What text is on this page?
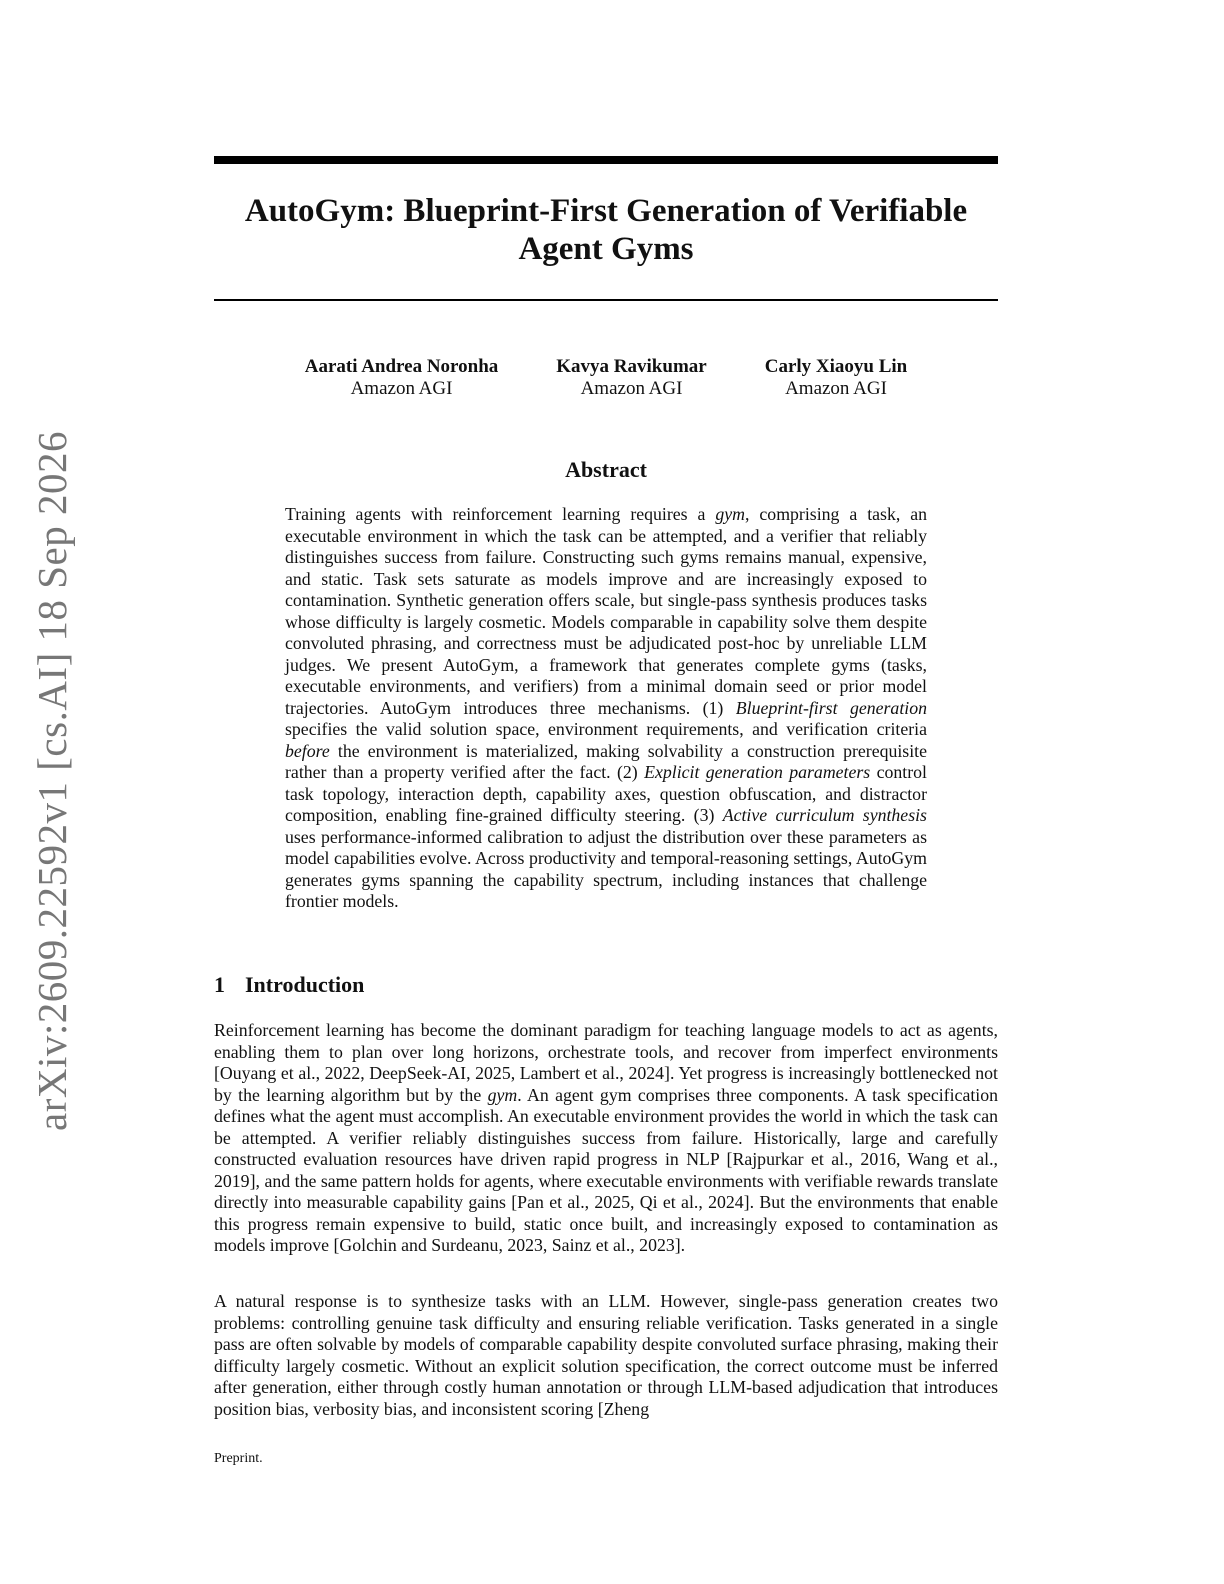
arXiv:2609.22592v1 [cs.AI] 18 Sep 2026
AutoGym: Blueprint-First Generation of Verifiable
Agent Gyms
Aarati Andrea Noronha
Amazon AGI
Kavya Ravikumar
Amazon AGI
Carly Xiaoyu Lin
Amazon AGI
Abstract

Training agents with reinforcement learning requires a gym, comprising a task, an executable environment in which the task can be attempted, and a verifier that reliably distinguishes success from failure. Constructing such gyms remains manual, expensive, and static. Task sets saturate as models improve and are increasingly exposed to contamination. Synthetic generation offers scale, but single-pass synthesis produces tasks whose difficulty is largely cosmetic. Models comparable in capability solve them despite convoluted phrasing, and correctness must be adjudicated post-hoc by unreliable LLM judges. We present AutoGym, a framework that generates complete gyms (tasks, executable environments, and verifiers) from a minimal domain seed or prior model trajectories. AutoGym introduces three mechanisms. (1) Blueprint-first generation specifies the valid solution space, environment requirements, and verification criteria before the environment is materialized, making solvability a construction prerequisite rather than a property verified after the fact. (2) Explicit generation parameters control task topology, interaction depth, capability axes, question obfuscation, and distractor composition, enabling fine-grained difficulty steering. (3) Active curriculum synthesis uses performance-informed calibration to adjust the distribution over these parameters as model capabilities evolve. Across productivity and temporal-reasoning settings, AutoGym generates gyms spanning the capability spectrum, including instances that challenge frontier models.

1 Introduction

Reinforcement learning has become the dominant paradigm for teaching language models to act as agents, enabling them to plan over long horizons, orchestrate tools, and recover from imperfect environments [Ouyang et al., 2022, DeepSeek-AI, 2025, Lambert et al., 2024]. Yet progress is increasingly bottlenecked not by the learning algorithm but by the gym. An agent gym comprises three components. A task specification defines what the agent must accomplish. An executable environment provides the world in which the task can be attempted. A verifier reliably distinguishes success from failure. Historically, large and carefully constructed evaluation resources have driven rapid progress in NLP [Rajpurkar et al., 2016, Wang et al., 2019], and the same pattern holds for agents, where executable environments with verifiable rewards translate directly into measurable capability gains [Pan et al., 2025, Qi et al., 2024]. But the environments that enable this progress remain expensive to build, static once built, and increasingly exposed to contamination as models improve [Golchin and Surdeanu, 2023, Sainz et al., 2023].

A natural response is to synthesize tasks with an LLM. However, single-pass generation creates two problems: controlling genuine task difficulty and ensuring reliable verification. Tasks generated in a single pass are often solvable by models of comparable capability despite convoluted surface phrasing, making their difficulty largely cosmetic. Without an explicit solution specification, the correct outcome must be inferred after generation, either through costly human annotation or through LLM-based adjudication that introduces position bias, verbosity bias, and inconsistent scoring [Zheng

Preprint.
